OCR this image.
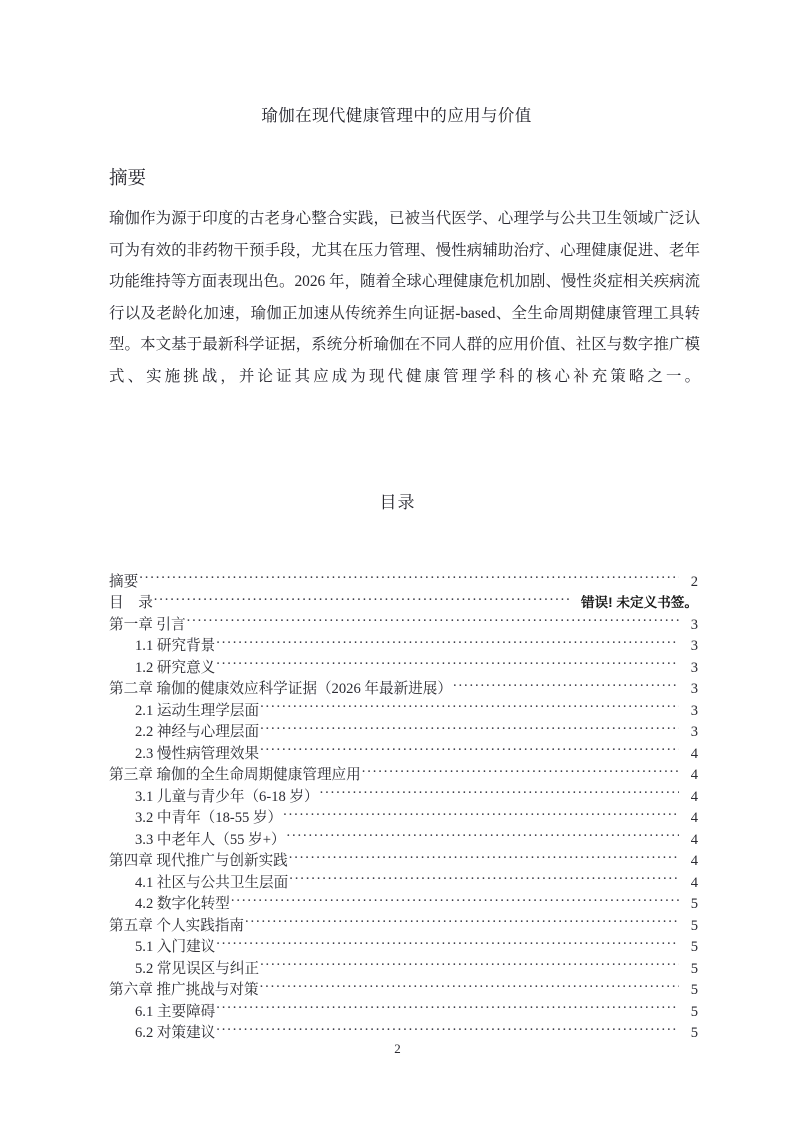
瑜伽在现代健康管理中的应用与价值
摘要

瑜伽作为源于印度的古老身心整合实践，已被当代医学、心理学与公共卫生领域广泛认可为有效的非药物干预手段，尤其在压力管理、慢性病辅助治疗、心理健康促进、老年功能维持等方面表现出色。2026 年，随着全球心理健康危机加剧、慢性炎症相关疾病流行以及老龄化加速，瑜伽正加速从传统养生向证据-based、全生命周期健康管理工具转型。本文基于最新科学证据，系统分析瑜伽在不同人群的应用价值、社区与数字推广模式、实施挑战，并论证其应成为现代健康管理学科的核心补充策略之一。

目录
摘要 . . .	2
目　录 . . .	错误! 未定义书签。
第一章 引言 . . .	3
1.1 研究背景 . . .	3
1.2 研究意义 . . .	3
第二章 瑜伽的健康效应科学证据（2026 年最新进展） . . .	3
2.1 运动生理学层面 . . .	3
2.2 神经与心理层面 . . .	3
2.3 慢性病管理效果 . . .	4
第三章 瑜伽的全生命周期健康管理应用 . . .	4
3.1 儿童与青少年（6-18 岁） . . .	4
3.2 中青年（18-55 岁） . . .	4
3.3 中老年人（55 岁+） . . .	4
第四章 现代推广与创新实践 . . .	4
4.1 社区与公共卫生层面 . . .	4
4.2 数字化转型 . . .	5
第五章 个人实践指南 . . .	5
5.1 入门建议 . . .	5
5.2 常见误区与纠正 . . .	5
第六章 推广挑战与对策 . . .	5
6.1 主要障碍 . . .	5
6.2 对策建议 . . .	5
2
